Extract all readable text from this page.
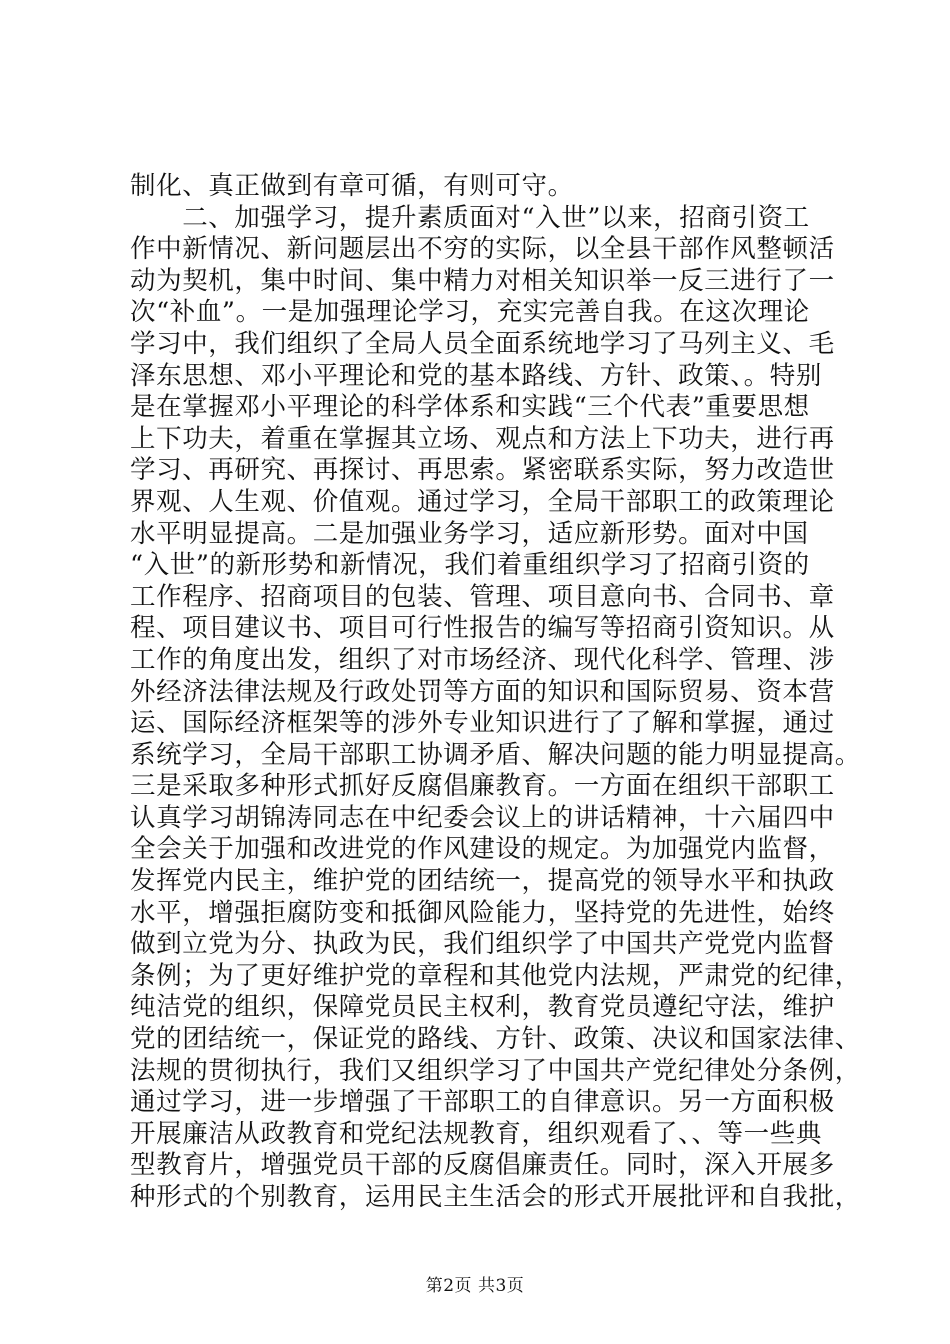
制化、真正做到有章可循，有则可守。
　　二、加强学习，提升素质面对“入世”以来，招商引资工
作中新情况、新问题层出不穷的实际，以全县干部作风整顿活
动为契机，集中时间、集中精力对相关知识举一反三进行了一
次“补血”。一是加强理论学习，充实完善自我。在这次理论
学习中，我们组织了全局人员全面系统地学习了马列主义、毛
泽东思想、邓小平理论和党的基本路线、方针、政策、。特别
是在掌握邓小平理论的科学体系和实践“三个代表”重要思想
上下功夫，着重在掌握其立场、观点和方法上下功夫，进行再
学习、再研究、再探讨、再思索。紧密联系实际，努力改造世
界观、人生观、价值观。通过学习，全局干部职工的政策理论
水平明显提高。二是加强业务学习，适应新形势。面对中国
“入世”的新形势和新情况，我们着重组织学习了招商引资的
工作程序、招商项目的包装、管理、项目意向书、合同书、章
程、项目建议书、项目可行性报告的编写等招商引资知识。从
工作的角度出发，组织了对市场经济、现代化科学、管理、涉
外经济法律法规及行政处罚等方面的知识和国际贸易、资本营
运、国际经济框架等的涉外专业知识进行了了解和掌握，通过
系统学习，全局干部职工协调矛盾、解决问题的能力明显提高。
三是采取多种形式抓好反腐倡廉教育。一方面在组织干部职工
认真学习胡锦涛同志在中纪委会议上的讲话精神，十六届四中
全会关于加强和改进党的作风建设的规定。为加强党内监督，
发挥党内民主，维护党的团结统一，提高党的领导水平和执政
水平，增强拒腐防变和抵御风险能力，坚持党的先进性，始终
做到立党为分、执政为民，我们组织学了中国共产党党内监督
条例；为了更好维护党的章程和其他党内法规，严肃党的纪律，
纯洁党的组织，保障党员民主权利，教育党员遵纪守法，维护
党的团结统一，保证党的路线、方针、政策、决议和国家法律、
法规的贯彻执行，我们又组织学习了中国共产党纪律处分条例，
通过学习，进一步增强了干部职工的自律意识。另一方面积极
开展廉洁从政教育和党纪法规教育，组织观看了、、等一些典
型教育片，增强党员干部的反腐倡廉责任。同时，深入开展多
种形式的个别教育，运用民主生活会的形式开展批评和自我批，
第2页 共3页
